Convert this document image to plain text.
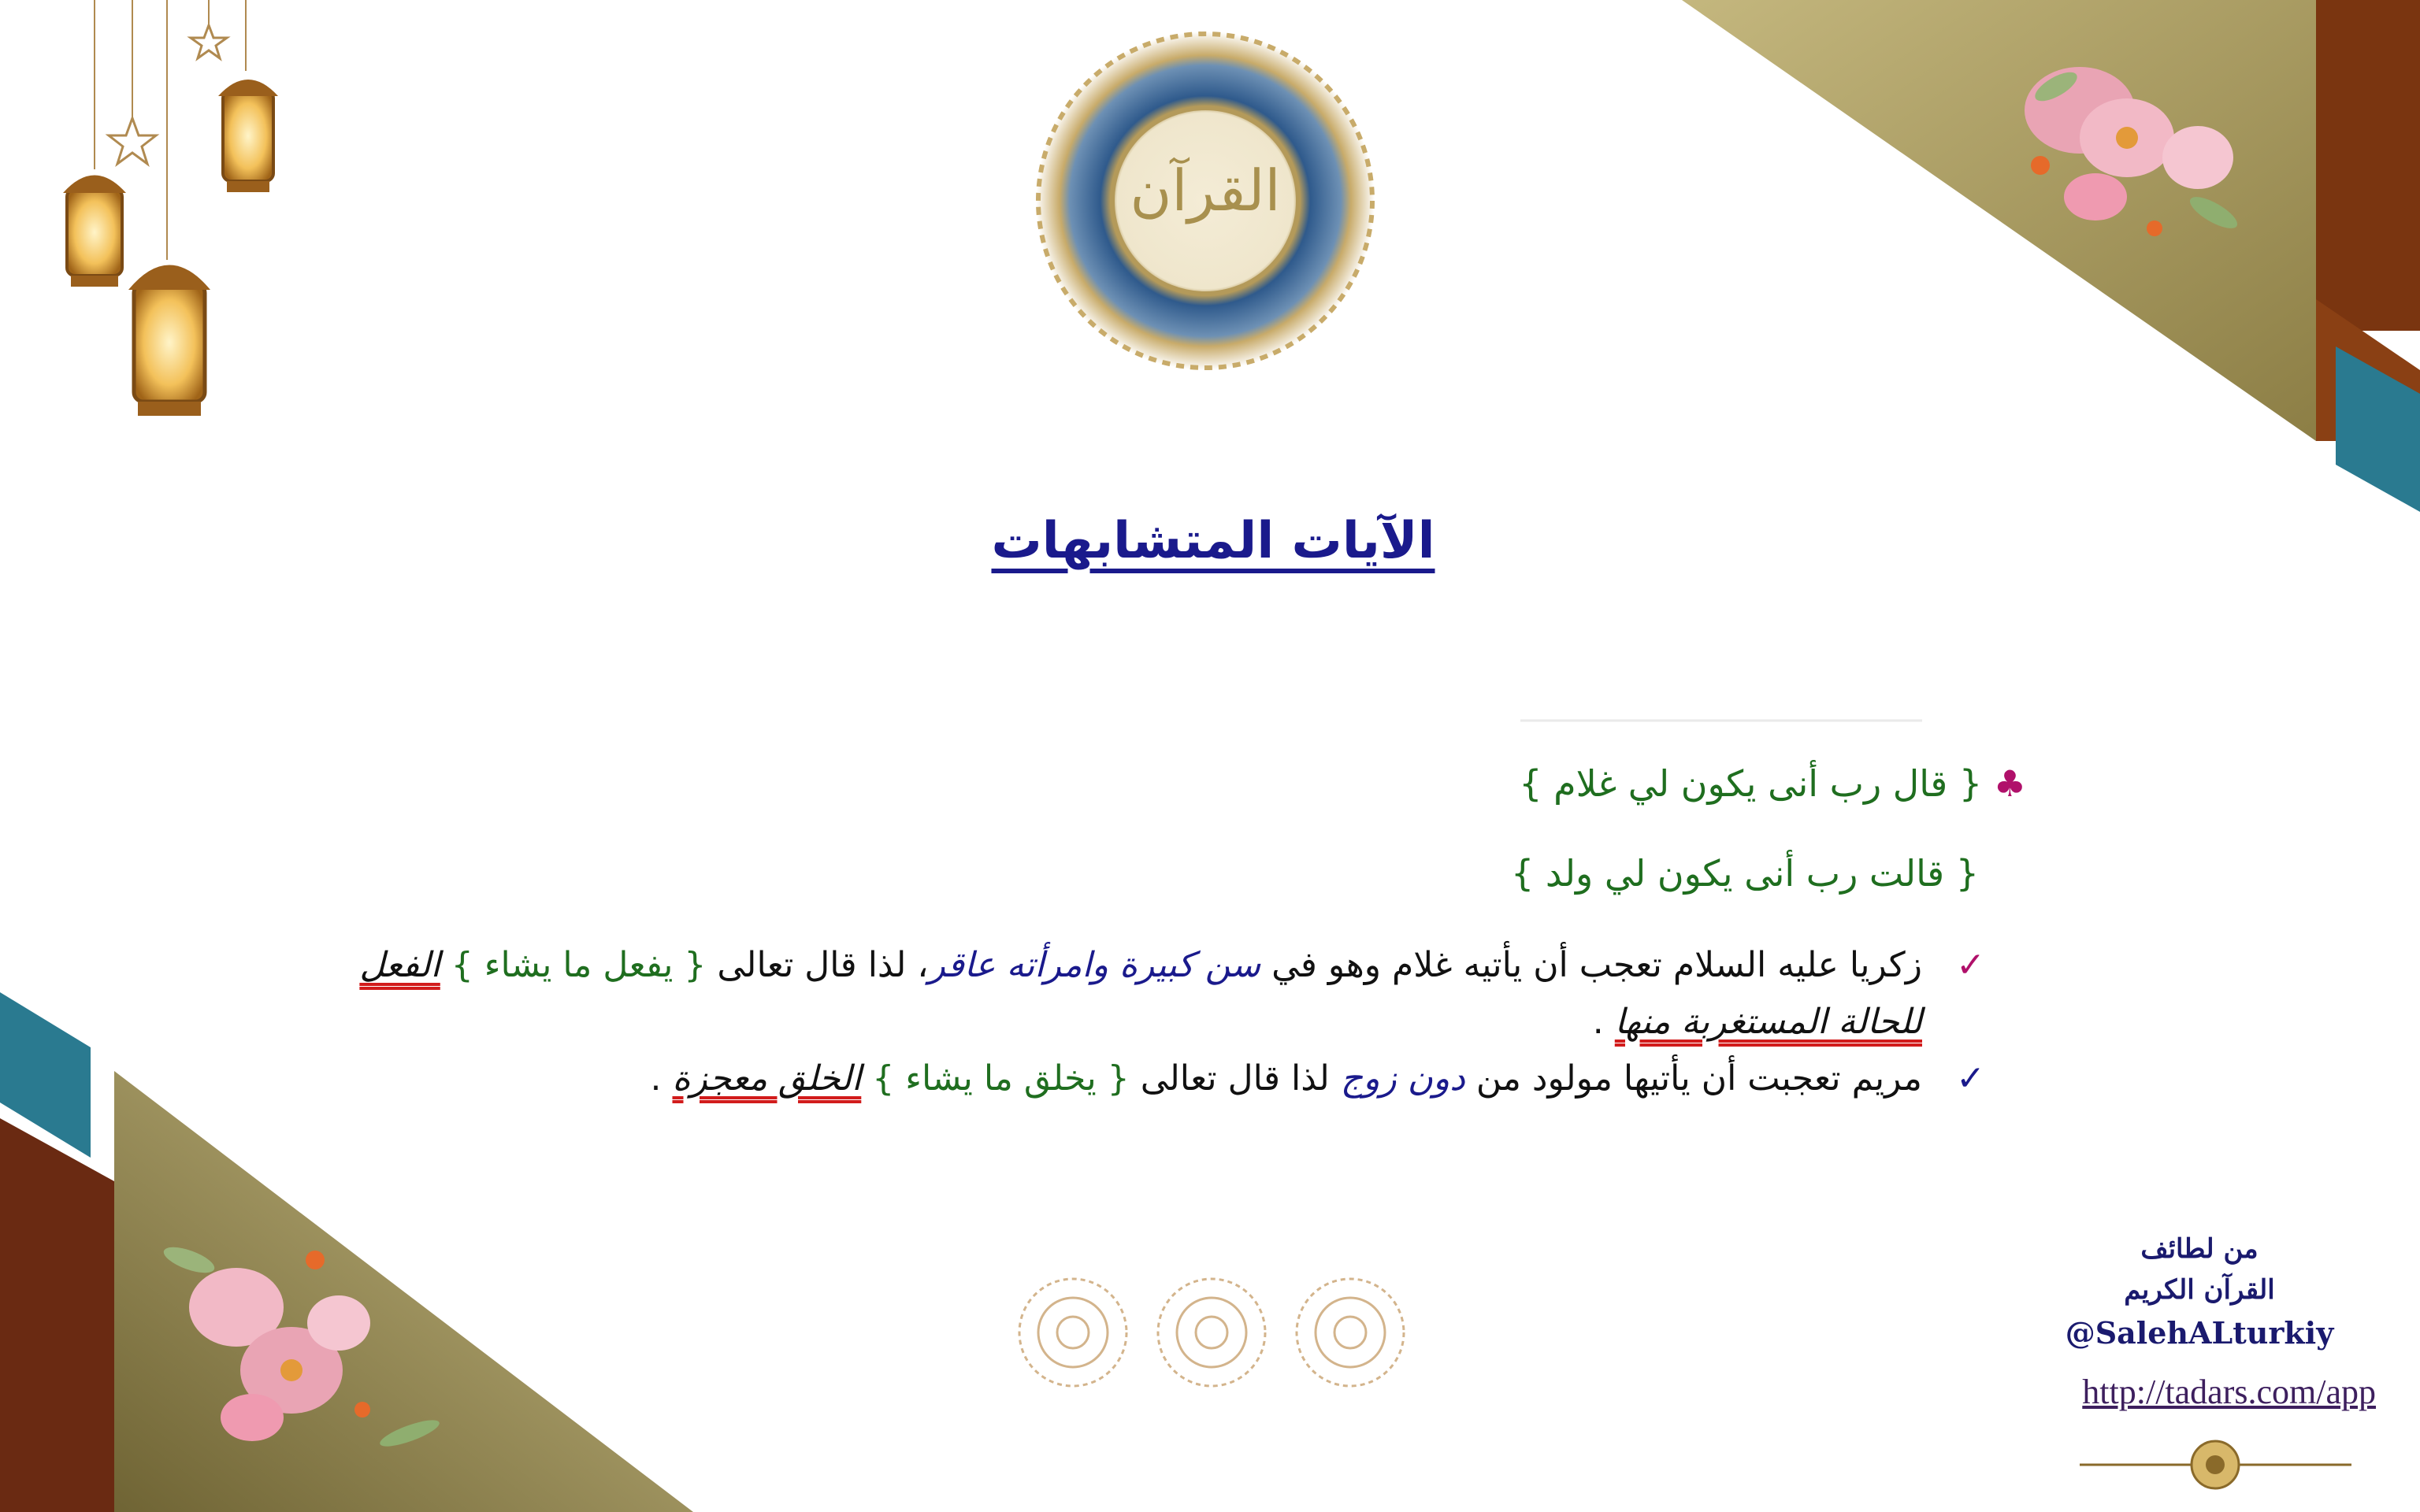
القرآن
الآيات المتشابهات
♣ { قال رب أنى يكون لي غلام }
{ قالت رب أنى يكون لي ولد }
✓
زكريا عليه السلام تعجب أن يأتيه غلام وهو في سن كبيرة وامرأته عاقر، لذا قال تعالى { يفعل ما يشاء } الفعل للحالة المستغربة منها .
✓
مريم تعجبت أن يأتيها مولود من دون زوج لذا قال تعالى { يخلق ما يشاء } الخلق معجزة .
من لطائف
القرآن الكريم
@SalehALturkiy
http://tadars.com/app
